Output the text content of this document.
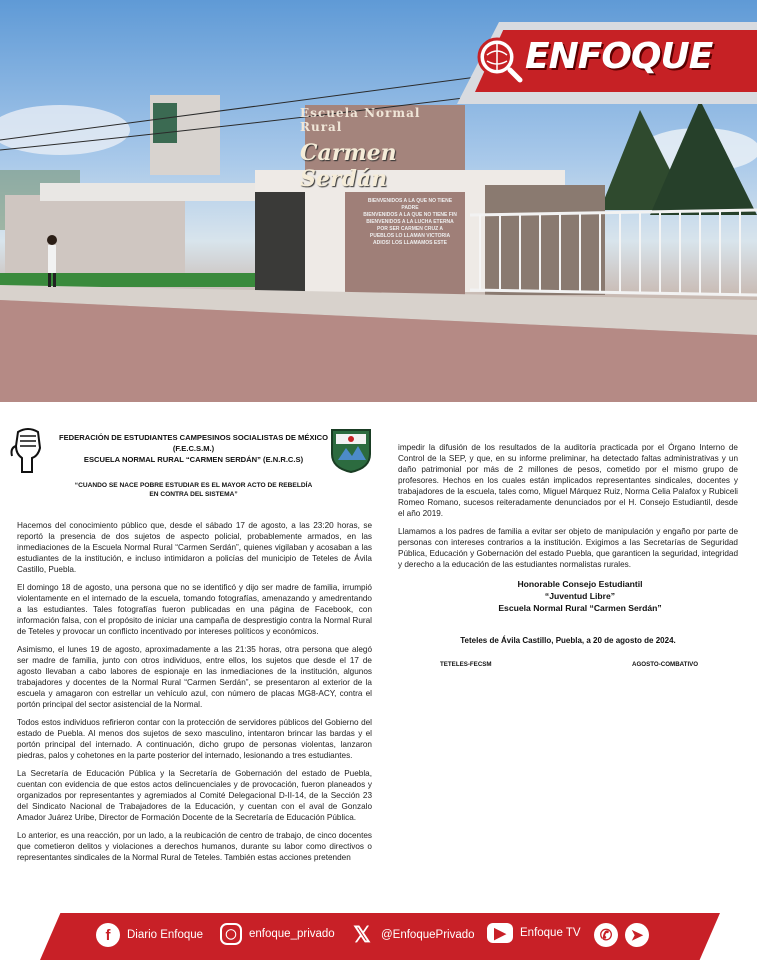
Escuela Normal Rural
Carmen Serdán
BIENVENIDOS A LA QUE NO TIENE PADRE
BIENVENIDOS A LA QUE NO TIENE FIN
BIENVENIDOS A LA LUCHA ETERNA
POR SER CARMEN CRUZ A
PUEBLOS LO LLAMAN VICTORIA
ADIOS! LOS LLAMAMOS ESTE
ENFOQUE
FEDERACIÓN DE ESTUDIANTES CAMPESINOS SOCIALISTAS DE MÉXICO
(F.E.C.S.M.)
ESCUELA NORMAL RURAL “CARMEN SERDÁN” (E.N.R.C.S)
“CUANDO SE NACE POBRE ESTUDIAR ES EL MAYOR ACTO DE REBELDÍA
EN CONTRA DEL SISTEMA”

Hacemos del conocimiento público que, desde el sábado 17 de agosto, a las 23:20 horas, se reportó la presencia de dos sujetos de aspecto policial, probablemente armados, en las inmediaciones de la Escuela Normal Rural “Carmen Serdán”, quienes vigilaban y acosaban a las estudiantes de la institución, e incluso intimidaron a policías del municipio de Teteles de Ávila Castillo, Puebla.

El domingo 18 de agosto, una persona que no se identificó y dijo ser madre de familia, irrumpió violentamente en el internado de la escuela, tomando fotografías, amenazando y amedrentando a las estudiantes. Tales fotografías fueron publicadas en una página de Facebook, con información falsa, con el propósito de iniciar una campaña de desprestigio contra la Normal Rural de Teteles y provocar un conflicto incentivado por intereses políticos y económicos.

Asimismo, el lunes 19 de agosto, aproximadamente a las 21:35 horas, otra persona que alegó ser madre de familia, junto con otros individuos, entre ellos, los sujetos que desde el 17 de agosto llevaban a cabo labores de espionaje en las inmediaciones de la institución, algunos trabajadores y docentes de la Normal Rural “Carmen Serdán”, se presentaron al exterior de la escuela y amagaron con estrellar un vehículo azul, con número de placas MG8-ACY, contra el portón principal del sector asistencial de la Normal.

Todos estos individuos refirieron contar con la protección de servidores públicos del Gobierno del estado de Puebla. Al menos dos sujetos de sexo masculino, intentaron brincar las bardas y el portón principal del internado. A continuación, dicho grupo de personas violentas, lanzaron piedras, palos y cohetones en la parte posterior del internado, lesionando a tres estudiantes.

La Secretaría de Educación Pública y la Secretaría de Gobernación del estado de Puebla, cuentan con evidencia de que estos actos delincuenciales y de provocación, fueron planeados y organizados por representantes y agremiados al Comité Delegacional D-II-14, de la Sección 23 del Sindicato Nacional de Trabajadores de la Educación, y cuentan con el aval de Gonzalo Amador Juárez Uribe, Director de Formación Docente de la Secretaría de Educación Pública.

Lo anterior, es una reacción, por un lado, a la reubicación de centro de trabajo, de cinco docentes que cometieron delitos y violaciones a derechos humanos, durante su labor como directivos o representantes sindicales de la Normal Rural de Teteles. También estas acciones pretenden

impedir la difusión de los resultados de la auditoría practicada por el Órgano Interno de Control de la SEP, y que, en su informe preliminar, ha detectado faltas administrativas y un daño patrimonial por más de 2 millones de pesos, cometido por el mismo grupo de profesores. Hechos en los cuales están implicados representantes sindicales, docentes y trabajadores de la escuela, tales como, Miguel Márquez Ruiz, Norma Celia Palafox y Rubiceli Romeo Romano, sucesos reiteradamente denunciados por el H. Consejo Estudiantil, desde el año 2019.

Llamamos a los padres de familia a evitar ser objeto de manipulación y engaño por parte de personas con intereses contrarios a la institución. Exigimos a las Secretarías de Seguridad Pública, Educación y Gobernación del estado Puebla, que garanticen la seguridad, integridad y derecho a la educación de las estudiantes normalistas rurales.

Honorable Consejo Estudiantil
“Juventud Libre”
Escuela Normal Rural “Carmen Serdán”
Teteles de Ávila Castillo, Puebla, a 20 de agosto de 2024.
TETELES-FECSM	AGOSTO-COMBATIVO
f	Diario Enfoque	◯	enfoque_privado 𝕏 @EnfoquePrivado	▶	Enfoque TV	✆	➤
